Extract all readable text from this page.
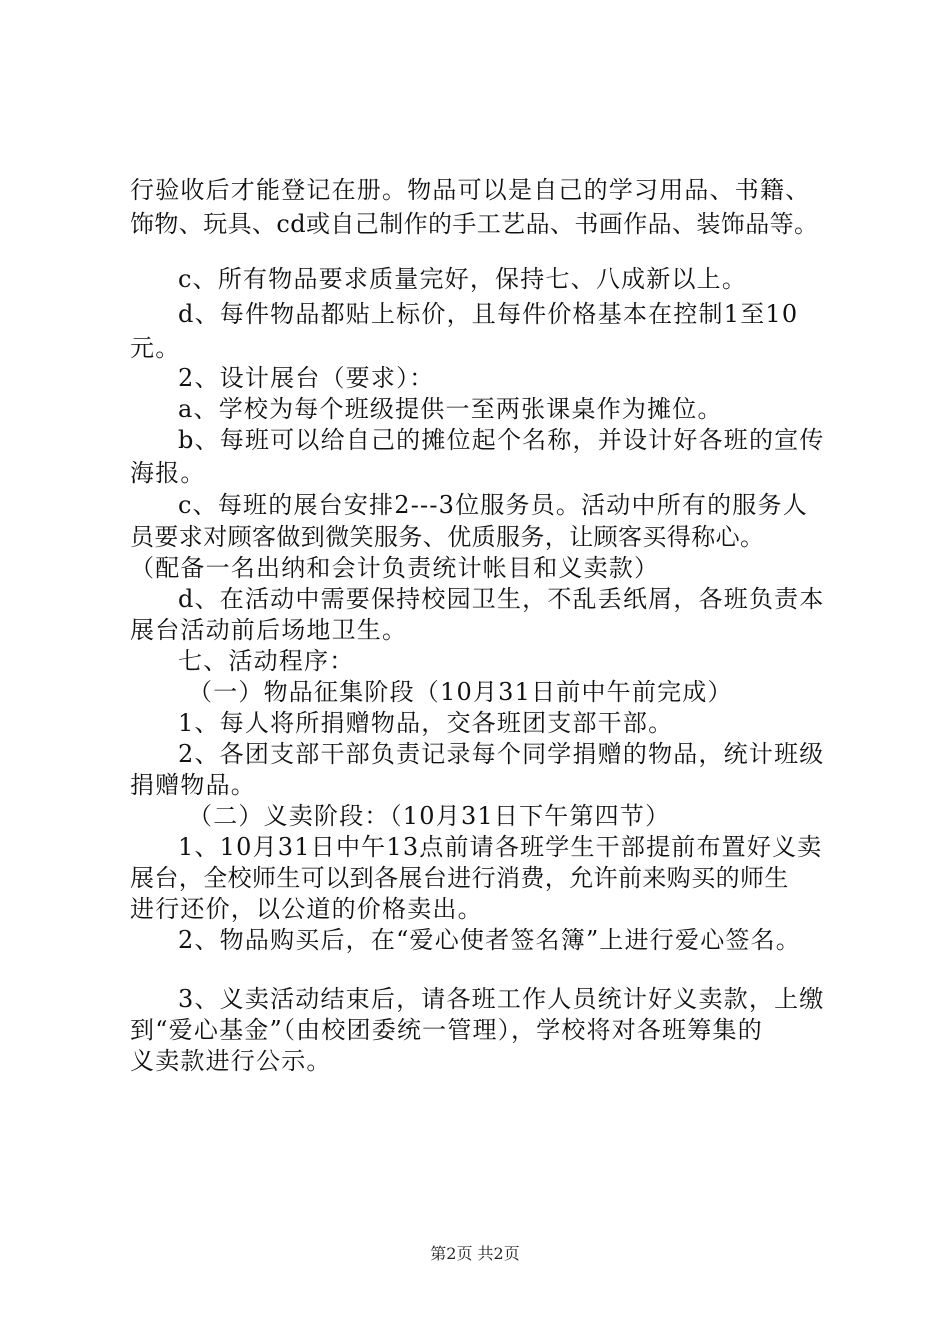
行验收后才能登记在册。物品可以是自己的学习用品、书籍、
饰物、玩具、cd或自己制作的手工艺品、书画作品、装饰品等。
c、所有物品要求质量完好，保持七、八成新以上。
d、每件物品都贴上标价，且每件价格基本在控制1至10
元。
2、设计展台（要求）：
a、学校为每个班级提供一至两张课桌作为摊位。
b、每班可以给自己的摊位起个名称，并设计好各班的宣传
海报。
c、每班的展台安排2---3位服务员。活动中所有的服务人
员要求对顾客做到微笑服务、优质服务，让顾客买得称心。
（配备一名出纳和会计负责统计帐目和义卖款）
d、在活动中需要保持校园卫生，不乱丢纸屑，各班负责本
展台活动前后场地卫生。
七、活动程序：
（一）物品征集阶段（10月31日前中午前完成）
1、每人将所捐赠物品，交各班团支部干部。
2、各团支部干部负责记录每个同学捐赠的物品，统计班级
捐赠物品。
（二）义卖阶段：（10月31日下午第四节）
1、10月31日中午13点前请各班学生干部提前布置好义卖
展台，全校师生可以到各展台进行消费，允许前来购买的师生
进行还价，以公道的价格卖出。
2、物品购买后，在“爱心使者签名簿”上进行爱心签名。
3、义卖活动结束后，请各班工作人员统计好义卖款，上缴
到“爱心基金”（由校团委统一管理），学校将对各班筹集的
义卖款进行公示。
第2页 共2页
